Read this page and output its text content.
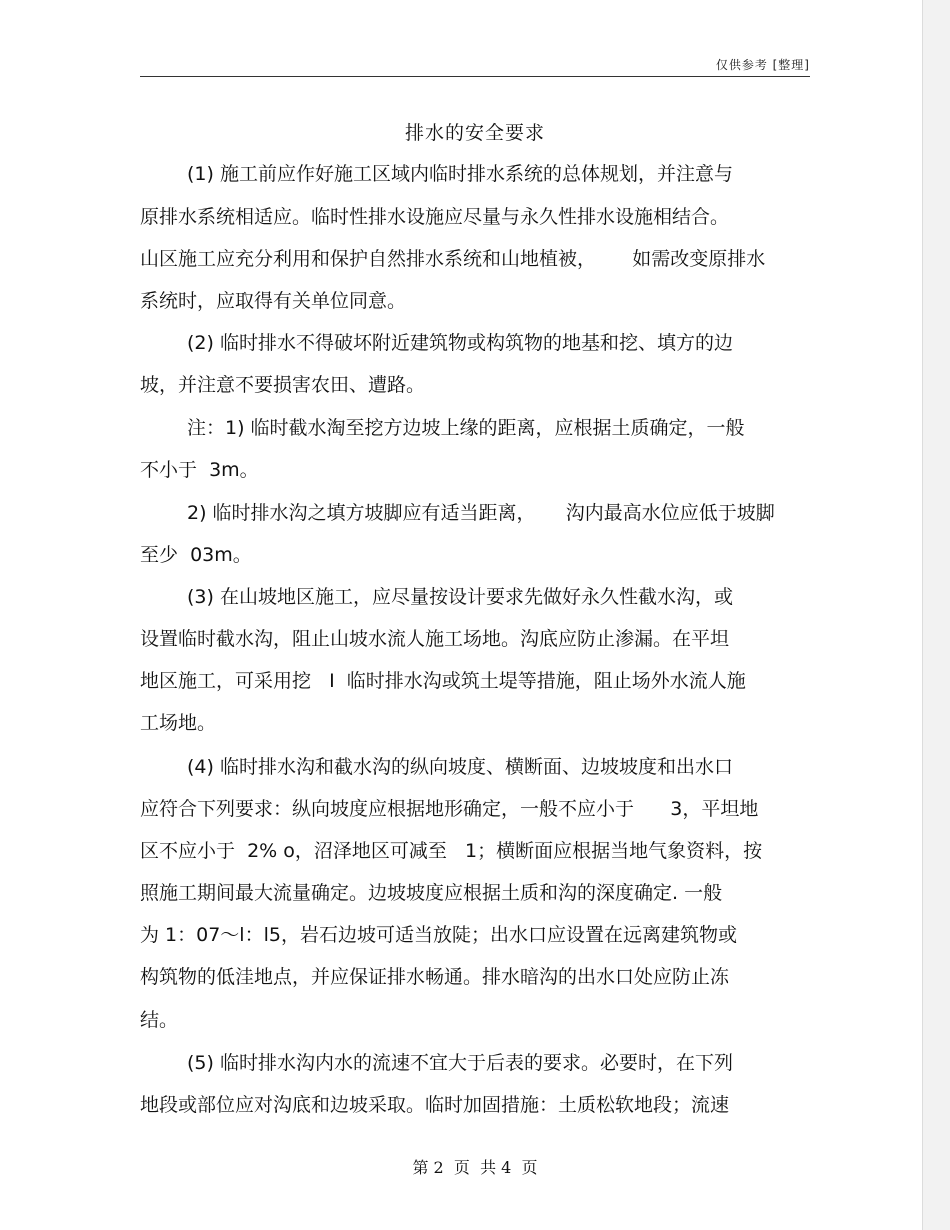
仅供参考 [整理]
排水的安全要求
(1) 施工前应作好施工区域内临时排水系统的总体规划，并注意与
原排水系统相适应。临时性排水设施应尽量与永久性排水设施相结合。
山区施工应充分利用和保护自然排水系统和山地植被，      如需改变原排水
系统时，应取得有关单位同意。
(2) 临时排水不得破坏附近建筑物或构筑物的地基和挖、填方的边
坡，并注意不要损害农田、遭路。
注：1) 临时截水淘至挖方边坡上缘的距离，应根据土质确定，一般
不小于  3m。
2) 临时排水沟之填方坡脚应有适当距离，     沟内最高水位应低于坡脚
至少  03m。
(3) 在山坡地区施工，应尽量按设计要求先做好永久性截水沟，或
设置临时截水沟，阻止山坡水流人施工场地。沟底应防止渗漏。在平坦
地区施工，可采用挖   I  临时排水沟或筑土堤等措施，阻止场外水流人施
工场地。
(4) 临时排水沟和截水沟的纵向坡度、横断面、边坡坡度和出水口
应符合下列要求：纵向坡度应根据地形确定，一般不应小于      3，平坦地
区不应小于  2% o，沼泽地区可减至   1；横断面应根据当地气象资料，按
照施工期间最大流量确定。边坡坡度应根据土质和沟的深度确定. 一般
为 1：07～l：l5，岩石边坡可适当放陡；出水口应设置在远离建筑物或
构筑物的低洼地点，并应保证排水畅通。排水暗沟的出水口处应防止冻
结。
(5) 临时排水沟内水的流速不宜大于后表的要求。必要时，在下列
地段或部位应对沟底和边坡采取。临时加固措施：土质松软地段；流速
第 2  页  共 4  页
